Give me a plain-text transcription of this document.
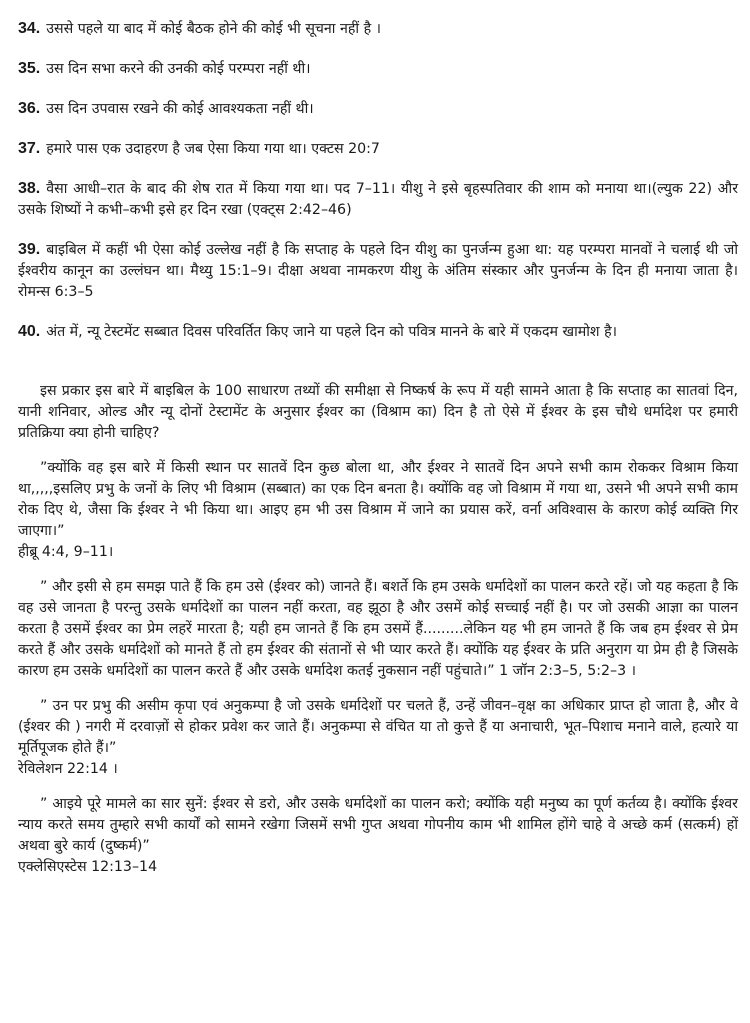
34. उससे पहले या बाद में कोई बैठक होने की कोई भी सूचना नहीं है ।

35. उस दिन सभा करने की उनकी कोई परम्परा नहीं थी।

36. उस दिन उपवास रखने की कोई आवश्यकता नहीं थी।

37. हमारे पास एक उदाहरण है जब ऐसा किया गया था। एक्टस 20:7

38. वैसा आधी–रात के बाद की शेष रात में किया गया था। पद 7–11। यीशु ने इसे बृहस्पतिवार की शाम को मनाया था।(ल्युक 22) और उसके शिष्यों ने कभी–कभी इसे हर दिन रखा (एक्ट्स 2:42–46)

39. बाइबिल में कहीं भी ऐसा कोई उल्लेख नहीं है कि सप्ताह के पहले दिन यीशु का पुनर्जन्म हुआ था: यह परम्परा मानवों ने चलाई थी जो ईश्वरीय कानून का उल्लंघन था। मैथ्यु 15:1–9। दीक्षा अथवा नामकरण यीशु के अंतिम संस्कार और पुनर्जन्म के दिन ही मनाया जाता है। रोमन्स 6:3–5

40. अंत में, न्यू टेस्टमेंट सब्बात दिवस परिवर्तित किए जाने या पहले दिन को पवित्र मानने के बारे में एकदम खामोश है।

इस प्रकार इस बारे में बाइबिल के 100 साधारण तथ्यों की समीक्षा से निष्कर्ष के रूप में यही सामने आता है कि सप्ताह का सातवां दिन, यानी शनिवार, ओल्ड और न्यू दोनों टेस्टामेंट के अनुसार ईश्वर का (विश्राम का) दिन है तो ऐसे में ईश्वर के इस चौथे धर्मादेश पर हमारी प्रतिक्रिया क्या होनी चाहिए?

”क्योंकि वह इस बारे में किसी स्थान पर सातवें दिन कुछ बोला था, और ईश्वर ने सातवें दिन अपने सभी काम रोककर विश्राम किया था,,,,,इसलिए प्रभु के जनों के लिए भी विश्राम (सब्बात) का एक दिन बनता है। क्योंकि वह जो विश्राम में गया था, उसने भी अपने सभी काम रोक दिए थे, जैसा कि ईश्वर ने भी किया था। आइए हम भी उस विश्राम में जाने का प्रयास करें, वर्ना अविश्वास के कारण कोई व्यक्ति गिर जाएगा।”
हीब्रू 4:4, 9–11।

” और इसी से हम समझ पाते हैं कि हम उसे (ईश्वर को) जानते हैं। बशर्ते कि हम उसके धर्मादेशों का पालन करते रहें। जो यह कहता है कि वह उसे जानता है परन्तु उसके धर्मादेशों का पालन नहीं करता, वह झूठा है और उसमें कोई सच्चाई नहीं है। पर जो उसकी आज्ञा का पालन करता है उसमें ईश्वर का प्रेम लहरें मारता है; यही हम जानते हैं कि हम उसमें हैं.........लेकिन यह भी हम जानते हैं कि जब हम ईश्वर से प्रेम करते हैं और उसके धर्मादेशों को मानते हैं तो हम ईश्वर की संतानों से भी प्यार करते हैं। क्योंकि यह ईश्वर के प्रति अनुराग या प्रेम ही है जिसके कारण हम उसके धर्मादेशों का पालन करते हैं और उसके धर्मादेश कतई नुकसान नहीं पहुंचाते।” 1 जॉन 2:3–5, 5:2–3 ।

” उन पर प्रभु की असीम कृपा एवं अनुकम्पा है जो उसके धर्मादेशों पर चलते हैं, उन्हें जीवन–वृक्ष का अधिकार प्राप्त हो जाता है, और वे (ईश्वर की ) नगरी में दरवाज़ों से होकर प्रवेश कर जाते हैं। अनुकम्पा से वंचित या तो कुत्ते हैं या अनाचारी, भूत–पिशाच मनाने वाले, हत्यारे या मूर्तिपूजक होते हैं।”
रेविलेशन 22:14 ।

” आइये पूरे मामले का सार सुनें: ईश्वर से डरो, और उसके धर्मादेशों का पालन करो; क्योंकि यही मनुष्य का पूर्ण कर्तव्य है। क्योंकि ईश्वर न्याय करते समय तुम्हारे सभी कार्यों को सामने रखेगा जिसमें सभी गुप्त अथवा गोपनीय काम भी शामिल होंगे चाहे वे अच्छे कर्म (सत्कर्म) हों अथवा बुरे कार्य (दुष्कर्म)”
एक्लेसिएस्टेस 12:13–14
